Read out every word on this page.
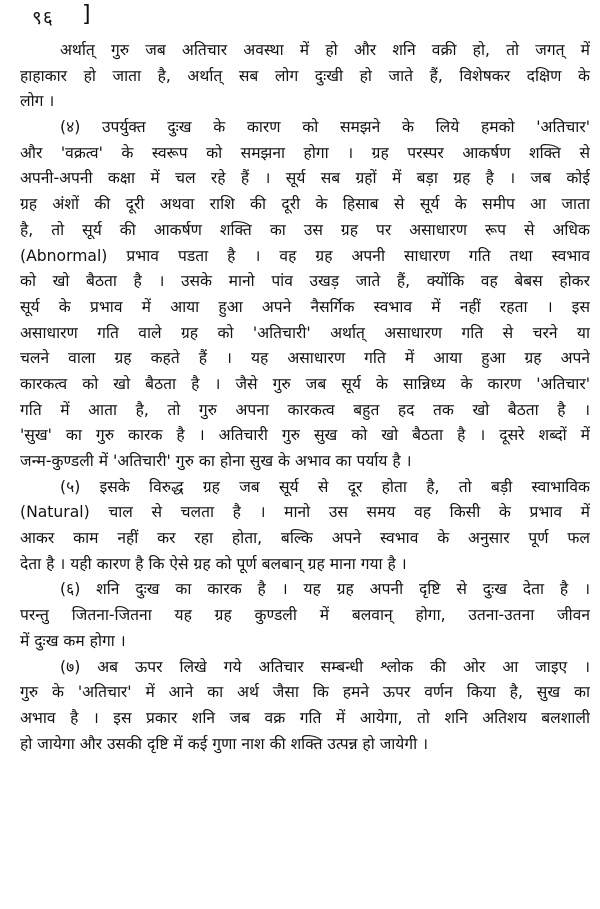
९६ ]
अर्थात् गुरु जब अतिचार अवस्था में हो और शनि वक्री हो, तो जगत् में
हाहाकार हो जाता है, अर्थात् सब लोग दुःखी हो जाते हैं, विशेषकर दक्षिण के
लोग ।
(४) उपर्युक्त दुःख के कारण को समझने के लिये हमको 'अतिचार'
और 'वक्रत्व' के स्वरूप को समझना होगा । ग्रह परस्पर आकर्षण शक्ति से
अपनी-अपनी कक्षा में चल रहे हैं । सूर्य सब ग्रहों में बड़ा ग्रह है । जब कोई
ग्रह अंशों की दूरी अथवा राशि की दूरी के हिसाब से सूर्य के समीप आ जाता
है, तो सूर्य की आकर्षण शक्ति का उस ग्रह पर असाधारण रूप से अधिक
(Abnormal) प्रभाव पडता है । वह ग्रह अपनी साधारण गति तथा स्वभाव
को खो बैठता है । उसके मानो पांव उखड़ जाते हैं, क्योंकि वह बेबस होकर
सूर्य के प्रभाव में आया हुआ अपने नैसर्गिक स्वभाव में नहीं रहता । इस
असाधारण गति वाले ग्रह को 'अतिचारी' अर्थात् असाधारण गति से चरने या
चलने वाला ग्रह कहते हैं । यह असाधारण गति में आया हुआ ग्रह अपने
कारकत्व को खो बैठता है । जैसे गुरु जब सूर्य के सान्निध्य के कारण 'अतिचार'
गति में आता है, तो गुरु अपना कारकत्व बहुत हद तक खो बैठता है ।
'सुख' का गुरु कारक है । अतिचारी गुरु सुख को खो बैठता है । दूसरे शब्दों में
जन्म-कुण्डली में 'अतिचारी' गुरु का होना सुख के अभाव का पर्याय है ।
(५) इसके विरुद्ध ग्रह जब सूर्य से दूर होता है, तो बड़ी स्वाभाविक
(Natural) चाल से चलता है । मानो उस समय वह किसी के प्रभाव में
आकर काम नहीं कर रहा होता, बल्कि अपने स्वभाव के अनुसार पूर्ण फल
देता है । यही कारण है कि ऐसे ग्रह को पूर्ण बलबान् ग्रह माना गया है ।
(६) शनि दुःख का कारक है । यह ग्रह अपनी दृष्टि से दुःख देता है ।
परन्तु जितना-जितना यह ग्रह कुण्डली में बलवान् होगा, उतना-उतना जीवन
में दुःख कम होगा ।
(७) अब ऊपर लिखे गये अतिचार सम्बन्धी श्लोक की ओर आ जाइए ।
गुरु के 'अतिचार' में आने का अर्थ जैसा कि हमने ऊपर वर्णन किया है, सुख का
अभाव है । इस प्रकार शनि जब वक्र गति में आयेगा, तो शनि अतिशय बलशाली
हो जायेगा और उसकी दृष्टि में कई गुणा नाश की शक्ति उत्पन्न हो जायेगी ।
